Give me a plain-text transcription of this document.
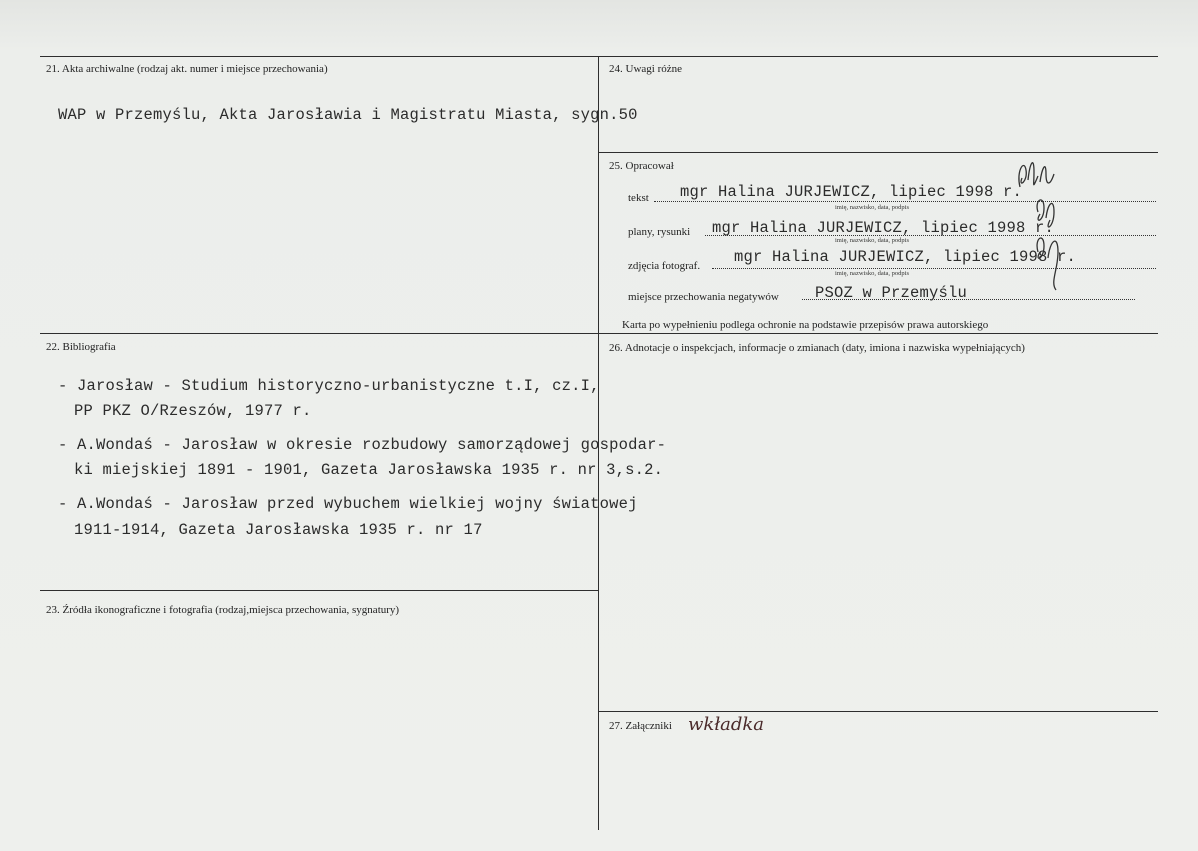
21. Akta archiwalne (rodzaj akt. numer i miejsce przechowania)
WAP w Przemyślu, Akta Jarosławia i Magistratu Miasta, sygn.50
24. Uwagi różne
25. Opracował
tekst mgr Halina JURJEWICZ, lipiec 1998 r.
imię, nazwisko, data, podpis
plany, rysunki mgr Halina JURJEWICZ, lipiec 1998 r.
imię, nazwisko, data, podpis
zdjęcia fotograf. mgr Halina JURJEWICZ, lipiec 1998 r.
imię, nazwisko, data, podpis
miejsce przechowania negatywów PSOZ w Przemyślu
Karta po wypełnieniu podlega ochronie na podstawie przepisów prawa autorskiego
22. Bibliografia
- Jarosław - Studium historyczno-urbanistyczne t.I, cz.I,
PP PKZ O/Rzeszów, 1977 r.
- A.Wondaś - Jarosław w okresie rozbudowy samorządowej gospodar-
ki miejskiej 1891 - 1901, Gazeta Jarosławska 1935 r. nr 3,s.2.
- A.Wondaś - Jarosław przed wybuchem wielkiej wojny światowej
1911-1914, Gazeta Jarosławska 1935 r. nr 17
26. Adnotacje o inspekcjach, informacje o zmianach (daty, imiona i nazwiska wypełniających)
23. Źródła ikonograficzne i fotografia (rodzaj,miejsca przechowania, sygnatury)
27. Załączniki wkładka
